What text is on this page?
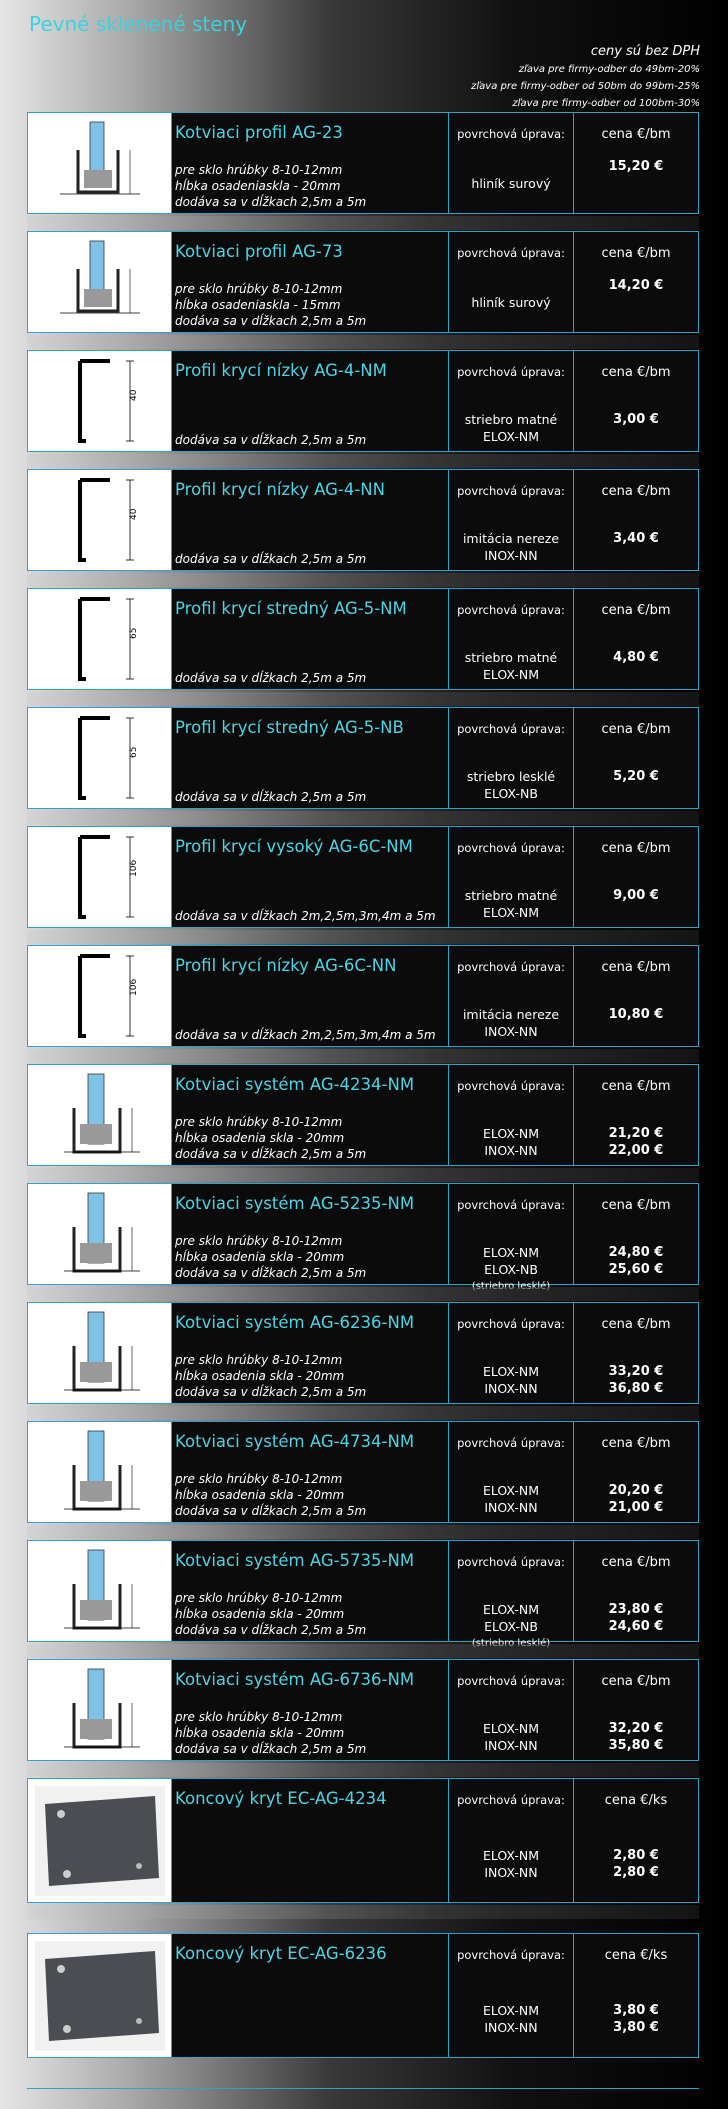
Pevné sklenené steny
ceny sú bez DPH
zľava pre firmy-odber do 49bm-20%
zľava pre firmy-odber od 50bm do 99bm-25%
zľava pre firmy-odber od 100bm-30%
Kotviaci profil AG-23
pre sklo hrúbky 8-10-12mm
hĺbka osadeniaskla - 20mm
dodáva sa v dĺžkach 2,5m a 5m
povrchová úprava:
hliník surový
cena €/bm
15,20 €
Kotviaci profil AG-73
pre sklo hrúbky 8-10-12mm
hĺbka osadeniaskla - 15mm
dodáva sa v dĺžkach 2,5m a 5m
povrchová úprava:
hliník surový
cena €/bm
14,20 €
40
Profil krycí nízky AG-4-NM
dodáva sa v dĺžkach 2,5m a 5m
povrchová úprava:
striebro matné
ELOX-NM
cena €/bm
3,00 €
40
Profil krycí nízky AG-4-NN
dodáva sa v dĺžkach 2,5m a 5m
povrchová úprava:
imitácia nereze
INOX-NN
cena €/bm
3,40 €
65
Profil krycí stredný AG-5-NM
dodáva sa v dĺžkach 2,5m a 5m
povrchová úprava:
striebro matné
ELOX-NM
cena €/bm
4,80 €
65
Profil krycí stredný AG-5-NB
dodáva sa v dĺžkach 2,5m a 5m
povrchová úprava:
striebro lesklé
ELOX-NB
cena €/bm
5,20 €
106
Profil krycí vysoký AG-6C-NM
dodáva sa v dĺžkach 2m,2,5m,3m,4m a 5m
povrchová úprava:
striebro matné
ELOX-NM
cena €/bm
9,00 €
106
Profil krycí nízky AG-6C-NN
dodáva sa v dĺžkach 2m,2,5m,3m,4m a 5m
povrchová úprava:
imitácia nereze
INOX-NN
cena €/bm
10,80 €
Kotviaci systém AG-4234-NM
pre sklo hrúbky 8-10-12mm
hĺbka osadenia skla - 20mm
dodáva sa v dĺžkach 2,5m a 5m
povrchová úprava:
ELOX-NM
INOX-NN
cena €/bm
21,20 €
22,00 €
Kotviaci systém AG-5235-NM
pre sklo hrúbky 8-10-12mm
hĺbka osadenia skla - 20mm
dodáva sa v dĺžkach 2,5m a 5m
povrchová úprava:
ELOX-NM
ELOX-NB
cena €/bm
24,80 €
25,60 €
Kotviaci systém AG-6236-NM
pre sklo hrúbky 8-10-12mm
hĺbka osadenia skla - 20mm
dodáva sa v dĺžkach 2,5m a 5m
povrchová úprava:
ELOX-NM
INOX-NN
cena €/bm
33,20 €
36,80 €
Kotviaci systém AG-4734-NM
pre sklo hrúbky 8-10-12mm
hĺbka osadenia skla - 20mm
dodáva sa v dĺžkach 2,5m a 5m
povrchová úprava:
ELOX-NM
INOX-NN
cena €/bm
20,20 €
21,00 €
Kotviaci systém AG-5735-NM
pre sklo hrúbky 8-10-12mm
hĺbka osadenia skla - 20mm
dodáva sa v dĺžkach 2,5m a 5m
povrchová úprava:
ELOX-NM
ELOX-NB
cena €/bm
23,80 €
24,60 €
Kotviaci systém AG-6736-NM
pre sklo hrúbky 8-10-12mm
hĺbka osadenia skla - 20mm
dodáva sa v dĺžkach 2,5m a 5m
povrchová úprava:
ELOX-NM
INOX-NN
cena €/bm
32,20 €
35,80 €
Koncový kryt EC-AG-4234	povrchová úprava:
ELOX-NM
INOX-NN
cena €/ks
2,80 €
2,80 €
Koncový kryt EC-AG-6236	povrchová úprava:
ELOX-NM
INOX-NN
cena €/ks
3,80 €
3,80 €
